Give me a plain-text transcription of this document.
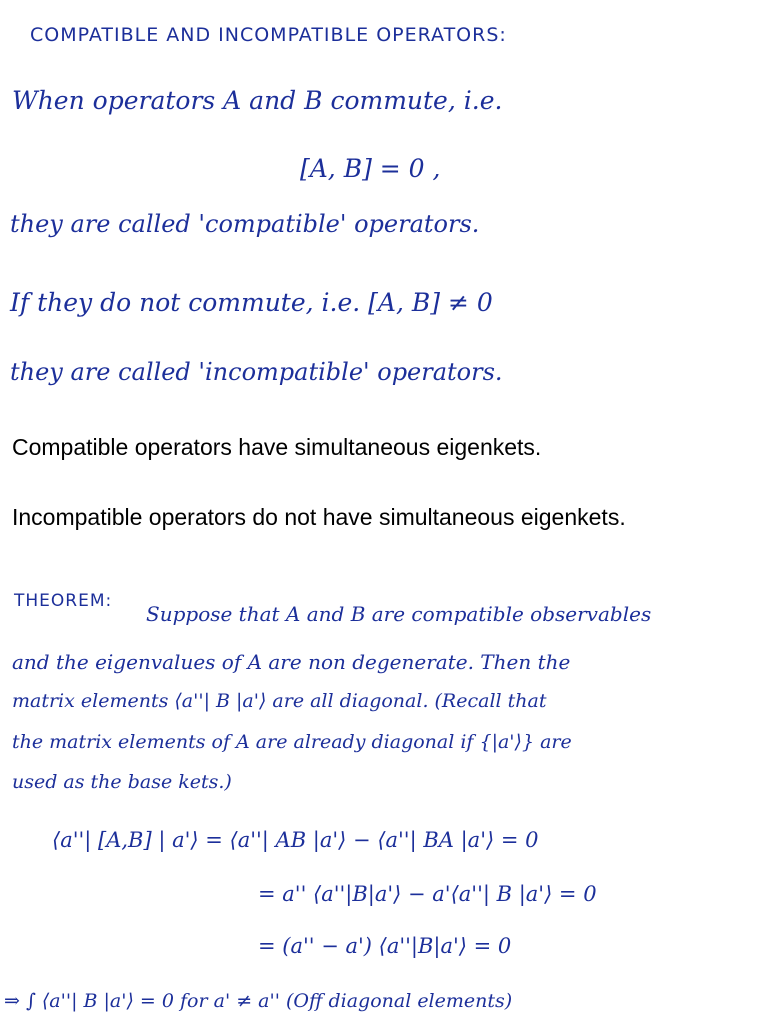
COMPATIBLE AND INCOMPATIBLE OPERATORS:
When operators A and B commute, i.e.
[A, B] = 0 ,
they are called 'compatible' operators.
If they do not commute, i.e. [A, B] ≠ 0
they are called 'incompatible' operators.
Compatible operators have simultaneous eigenkets.
Incompatible operators do not have simultaneous eigenkets.
THEOREM:
Suppose that A and B are compatible observables
and the eigenvalues of A are non degenerate. Then the
matrix elements ⟨a''| B |a'⟩ are all diagonal. (Recall that
the matrix elements of A are already diagonal if {|a'⟩} are
used as the base kets.)
⟨a''| [A,B] | a'⟩ = ⟨a''| AB |a'⟩ − ⟨a''| BA |a'⟩ = 0
= a'' ⟨a''|B|a'⟩ − a'⟨a''| B |a'⟩ = 0
= (a'' − a') ⟨a''|B|a'⟩ = 0
⇒ ∫ ⟨a''| B |a'⟩ = 0 for a' ≠ a'' (Off diagonal elements)
